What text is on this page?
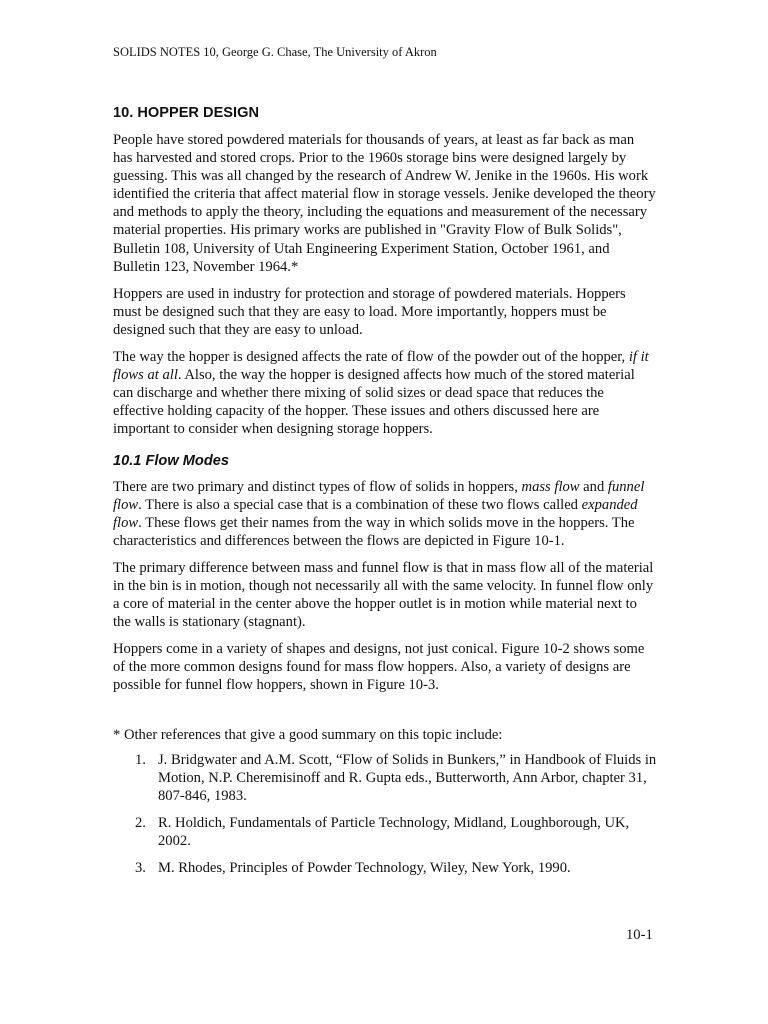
SOLIDS NOTES 10, George G. Chase, The University of Akron
10. HOPPER DESIGN

People have stored powdered materials for thousands of years, at least as far back as man has harvested and stored crops. Prior to the 1960s storage bins were designed largely by guessing. This was all changed by the research of Andrew W. Jenike in the 1960s. His work identified the criteria that affect material flow in storage vessels. Jenike developed the theory and methods to apply the theory, including the equations and measurement of the necessary material properties. His primary works are published in "Gravity Flow of Bulk Solids", Bulletin 108, University of Utah Engineering Experiment Station, October 1961, and Bulletin 123, November 1964.*

Hoppers are used in industry for protection and storage of powdered materials. Hoppers must be designed such that they are easy to load. More importantly, hoppers must be designed such that they are easy to unload.

The way the hopper is designed affects the rate of flow of the powder out of the hopper, if it flows at all. Also, the way the hopper is designed affects how much of the stored material can discharge and whether there mixing of solid sizes or dead space that reduces the effective holding capacity of the hopper. These issues and others discussed here are important to consider when designing storage hoppers.

10.1 Flow Modes

There are two primary and distinct types of flow of solids in hoppers, mass flow and funnel flow. There is also a special case that is a combination of these two flows called expanded flow. These flows get their names from the way in which solids move in the hoppers. The characteristics and differences between the flows are depicted in Figure 10-1.

The primary difference between mass and funnel flow is that in mass flow all of the material in the bin is in motion, though not necessarily all with the same velocity. In funnel flow only a core of material in the center above the hopper outlet is in motion while material next to the walls is stationary (stagnant).

Hoppers come in a variety of shapes and designs, not just conical. Figure 10-2 shows some of the more common designs found for mass flow hoppers. Also, a variety of designs are possible for funnel flow hoppers, shown in Figure 10-3.

* Other references that give a good summary on this topic include:

1. J. Bridgwater and A.M. Scott, “Flow of Solids in Bunkers,” in Handbook of Fluids in Motion, N.P. Cheremisinoff and R. Gupta eds., Butterworth, Ann Arbor, chapter 31, 807-846, 1983.
2. R. Holdich, Fundamentals of Particle Technology, Midland, Loughborough, UK, 2002.
3. M. Rhodes, Principles of Powder Technology, Wiley, New York, 1990.
10-1
